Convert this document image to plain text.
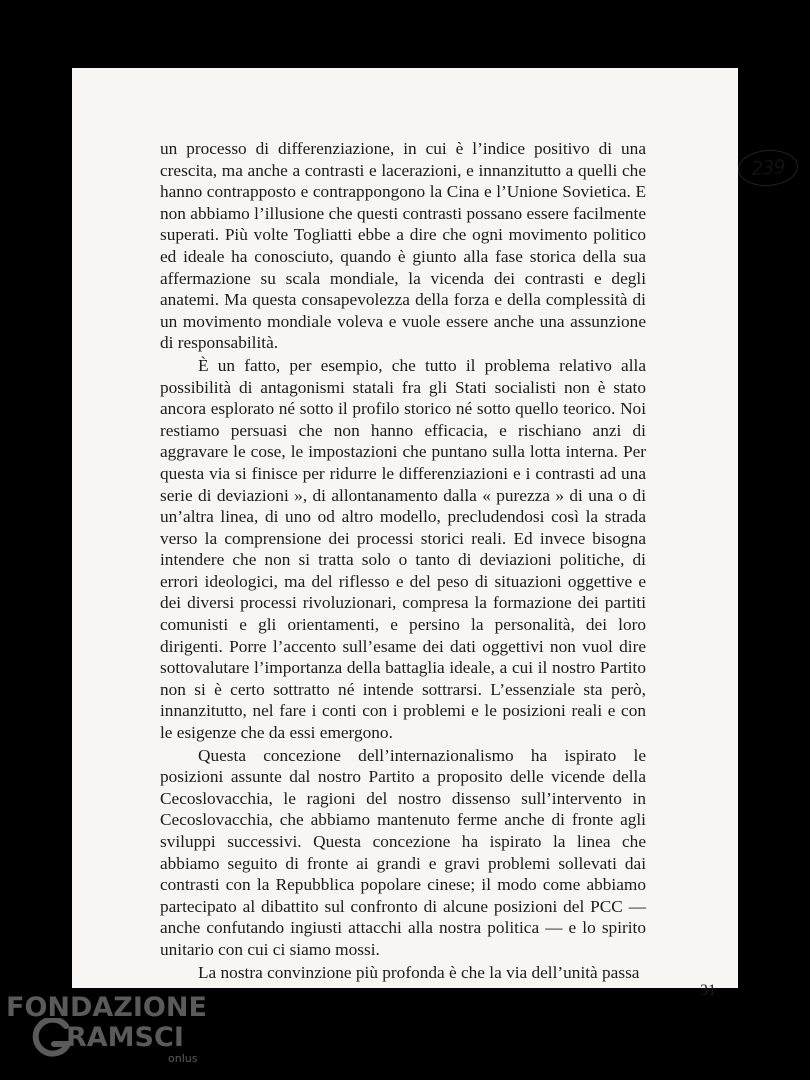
239
31

un processo di differenziazione, in cui è l’indice positivo di una crescita, ma anche a contrasti e lacerazioni, e innanzitutto a quelli che hanno contrapposto e contrappongono la Cina e l’Unione Sovietica. E non abbiamo l’illusione che questi contrasti possano essere facilmente superati. Più volte Togliatti ebbe a dire che ogni movimento politico ed ideale ha conosciuto, quando è giunto alla fase storica della sua affermazione su scala mondiale, la vicenda dei contrasti e degli anatemi. Ma questa consapevolezza della forza e della complessità di un movimento mondiale voleva e vuole essere anche una assunzione di responsabilità.

È un fatto, per esempio, che tutto il problema relativo alla possibilità di antagonismi statali fra gli Stati socialisti non è stato ancora esplorato né sotto il profilo storico né sotto quello teorico. Noi restiamo persuasi che non hanno efficacia, e rischiano anzi di aggravare le cose, le impostazioni che puntano sulla lotta interna. Per questa via si finisce per ridurre le differenziazioni e i contrasti ad una serie di deviazioni », di allontanamento dalla « purezza » di una o di un’altra linea, di uno od altro modello, precludendosi così la strada verso la comprensione dei processi storici reali. Ed invece bisogna intendere che non si tratta solo o tanto di deviazioni politiche, di errori ideologici, ma del riflesso e del peso di situazioni oggettive e dei diversi processi rivoluzionari, compresa la formazione dei partiti comunisti e gli orientamenti, e persino la personalità, dei loro dirigenti. Porre l’accento sull’esame dei dati oggettivi non vuol dire sottovalutare l’importanza della battaglia ideale, a cui il nostro Partito non si è certo sottratto né intende sottrarsi. L’essenziale sta però, innanzitutto, nel fare i conti con i problemi e le posizioni reali e con le esigenze che da essi emergono.

Questa concezione dell’internazionalismo ha ispirato le posizioni assunte dal nostro Partito a proposito delle vicende della Cecoslovacchia, le ragioni del nostro dissenso sull’intervento in Cecoslovacchia, che abbiamo mantenuto ferme anche di fronte agli sviluppi successivi. Questa concezione ha ispirato la linea che abbiamo seguito di fronte ai grandi e gravi problemi sollevati dai contrasti con la Repubblica popolare cinese; il modo come abbiamo partecipato al dibattito sul confronto di alcune posizioni del PCC — anche confutando ingiusti attacchi alla nostra politica — e lo spirito unitario con cui ci siamo mossi.

La nostra convinzione più profonda è che la via dell’unità passa

FONDAZIONE
RAMSCI
onlus
